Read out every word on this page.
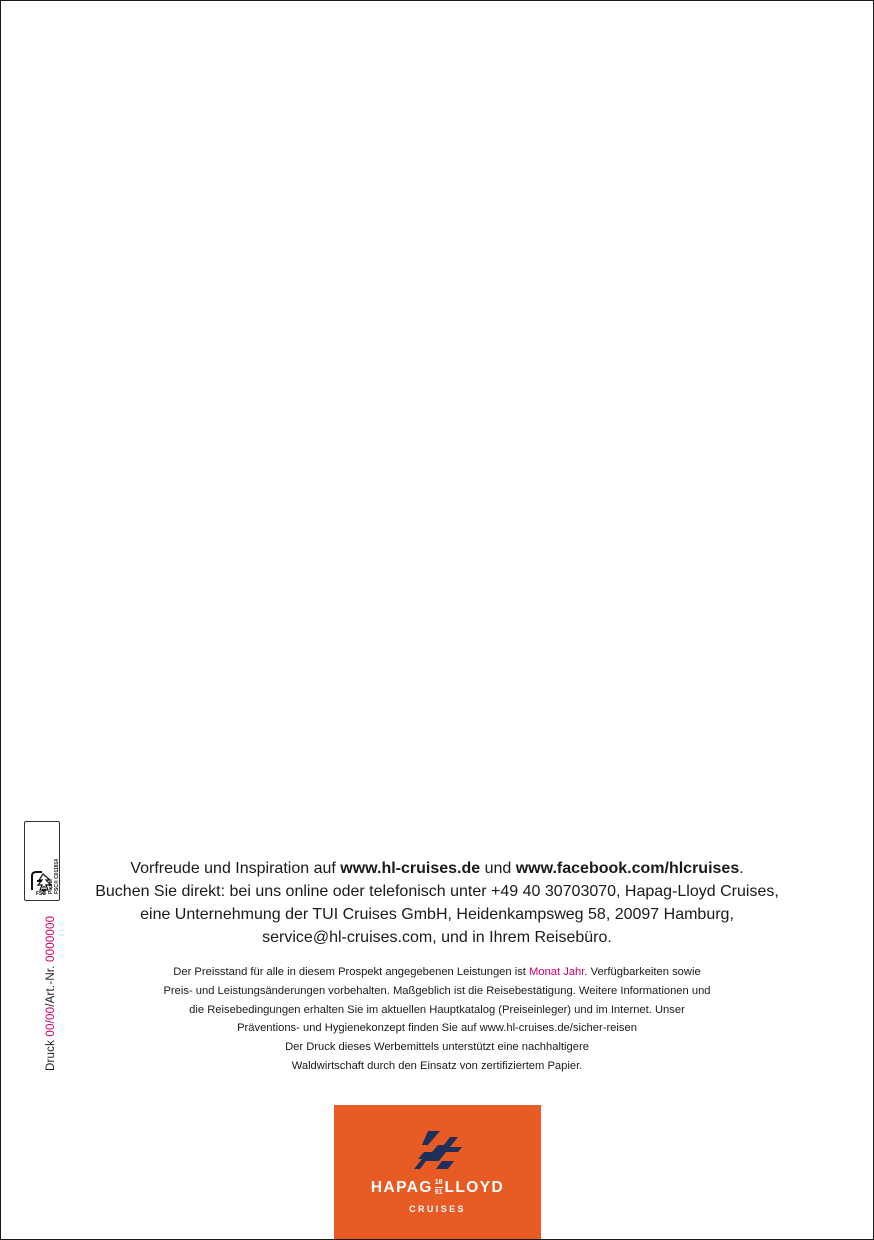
Druck 00/00/Art.-Nr. 0000000
MIX Papier FSC® C011814
FSC
Vorfreude und Inspiration auf www.hl-cruises.de und www.facebook.com/hlcruises.
Buchen Sie direkt: bei uns online oder telefonisch unter +49 40 30703070, Hapag-Lloyd Cruises,
eine Unternehmung der TUI Cruises GmbH, Heidenkampsweg 58, 20097 Hamburg,
service@hl-cruises.com, und in Ihrem Reisebüro.
Der Preisstand für alle in diesem Prospekt angegebenen Leistungen ist Monat Jahr. Verfügbarkeiten sowie
Preis- und Leistungsänderungen vorbehalten. Maßgeblich ist die Reisebestätigung. Weitere Informationen und
die Reisebedingungen erhalten Sie im aktuellen Hauptkatalog (Preiseinleger) und im Internet. Unser
Präventions- und Hygienekonzept finden Sie auf www.hl-cruises.de/sicher-reisen
Der Druck dieses Werbemittels unterstützt eine nachhaltigere
Waldwirtschaft durch den Einsatz von zertifiziertem Papier.
HAPAG $\frac{18}{91}$ LLOYD
CRUISES
